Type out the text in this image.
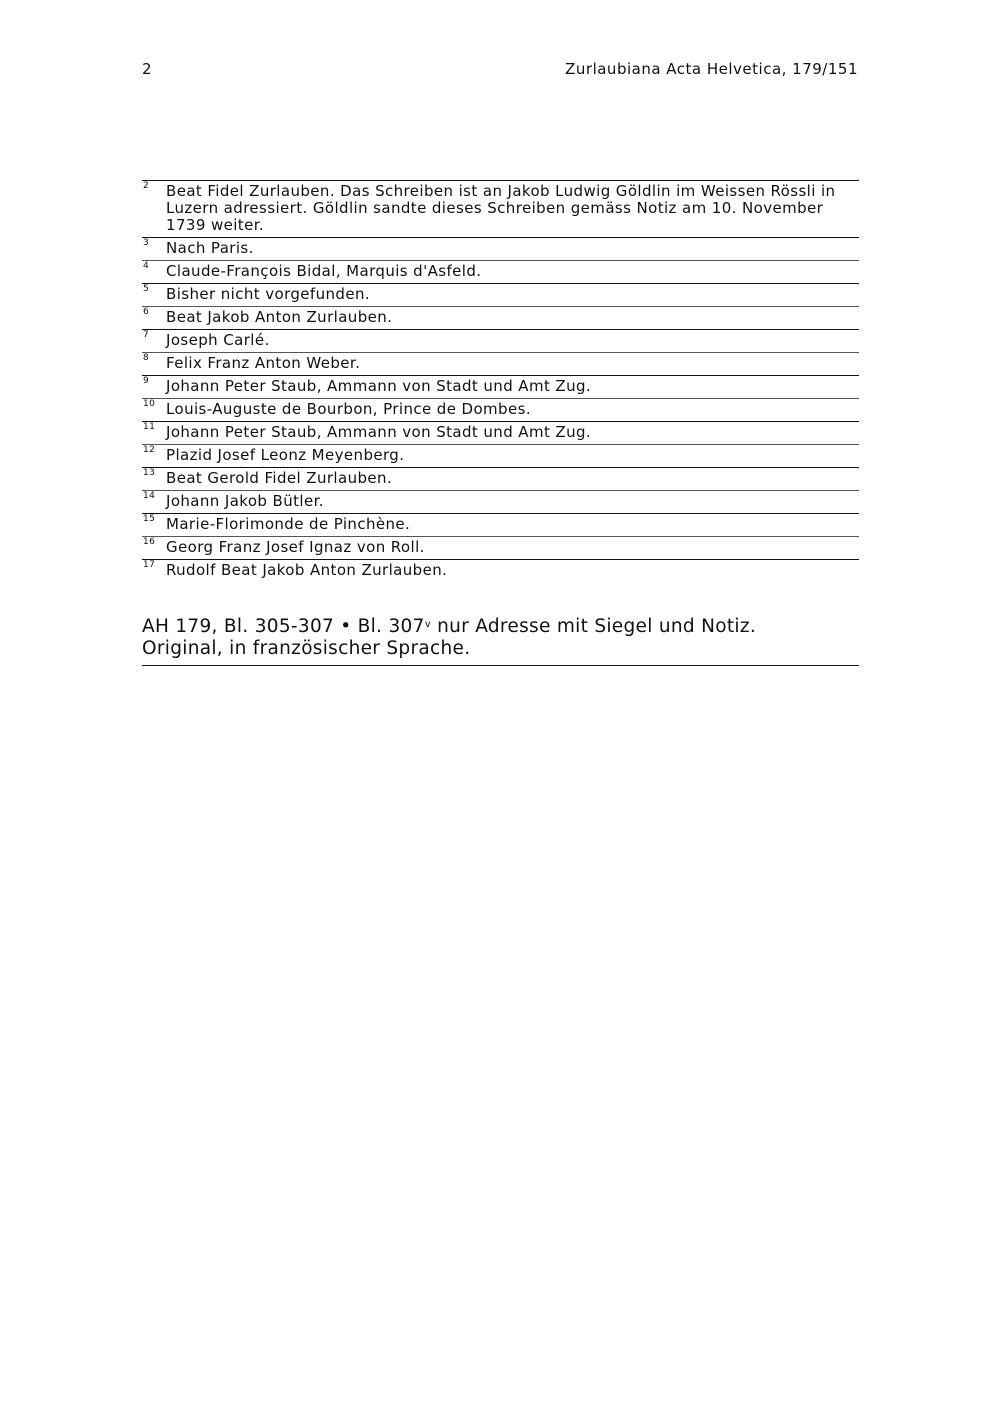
2	Zurlaubiana Acta Helvetica, 179/151
2 Beat Fidel Zurlauben. Das Schreiben ist an Jakob Ludwig Göldlin im Weissen Rössli in Luzern adressiert. Göldlin sandte dieses Schreiben gemäss Notiz am 10. November 1739 weiter.
3 Nach Paris.
4 Claude-François Bidal, Marquis d'Asfeld.
5 Bisher nicht vorgefunden.
6 Beat Jakob Anton Zurlauben.
7 Joseph Carlé.
8 Felix Franz Anton Weber.
9 Johann Peter Staub, Ammann von Stadt und Amt Zug.
10 Louis-Auguste de Bourbon, Prince de Dombes.
11 Johann Peter Staub, Ammann von Stadt und Amt Zug.
12 Plazid Josef Leonz Meyenberg.
13 Beat Gerold Fidel Zurlauben.
14 Johann Jakob Bütler.
15 Marie-Florimonde de Pinchène.
16 Georg Franz Josef Ignaz von Roll.
17 Rudolf Beat Jakob Anton Zurlauben.
AH 179, Bl. 305-307 • Bl. 307$^v$ nur Adresse mit Siegel und Notiz.
Original, in französischer Sprache.
